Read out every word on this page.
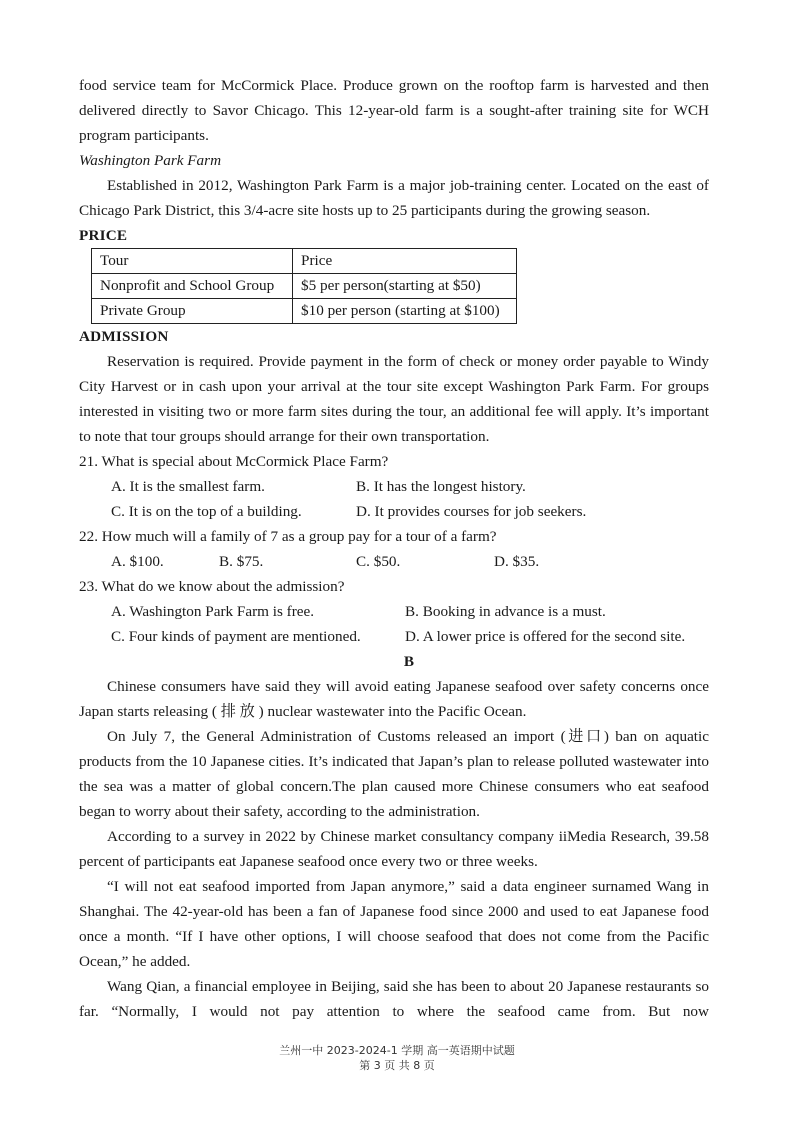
food service team for McCormick Place. Produce grown on the rooftop farm is harvested and then delivered directly to Savor Chicago. This 12-year-old farm is a sought-after training site for WCH program participants.

Washington Park Farm

Established in 2012, Washington Park Farm is a major job-training center. Located on the east of Chicago Park District, this 3/4-acre site hosts up to 25 participants during the growing season.

PRICE

Tour	Price
Nonprofit and School Group	$5 per person(starting at $50)
Private Group	$10 per person (starting at $100)

ADMISSION

Reservation is required. Provide payment in the form of check or money order payable to Windy City Harvest or in cash upon your arrival at the tour site except Washington Park Farm. For groups interested in visiting two or more farm sites during the tour, an additional fee will apply. It’s important to note that tour groups should arrange for their own transportation.

21. What is special about McCormick Place Farm?

A. It is the smallest farm.	B. It has the longest history.
C. It is on the top of a building.	D. It provides courses for job seekers.

22. How much will a family of 7 as a group pay for a tour of a farm?

A. $100.	B. $75.	C. $50.	D. $35.

23. What do we know about the admission?

A. Washington Park Farm is free.	B. Booking in advance is a must.
C. Four kinds of payment are mentioned.	D. A lower price is offered for the second site.

B

Chinese consumers have said they will avoid eating Japanese seafood over safety concerns once Japan starts releasing ( 排 放 ) nuclear wastewater into the Pacific Ocean.

On July 7, the General Administration of Customs released an import (进口) ban on aquatic products from the 10 Japanese cities. It’s indicated that Japan’s plan to release polluted wastewater into the sea was a matter of global concern.The plan caused more Chinese consumers who eat seafood began to worry about their safety, according to the administration.

According to a survey in 2022 by Chinese market consultancy company iiMedia Research, 39.58 percent of participants eat Japanese seafood once every two or three weeks.

“I will not eat seafood imported from Japan anymore,” said a data engineer surnamed Wang in Shanghai. The 42-year-old has been a fan of Japanese food since 2000 and used to eat Japanese food once a month. “If I have other options, I will choose seafood that does not come from the Pacific Ocean,” he added.

Wang Qian, a financial employee in Beijing, said she has been to about 20 Japanese restaurants so far. “Normally, I would not pay attention to where the seafood came from. But now

兰州一中 2023-2024-1 学期 高一英语期中试题
第 3 页 共 8 页
